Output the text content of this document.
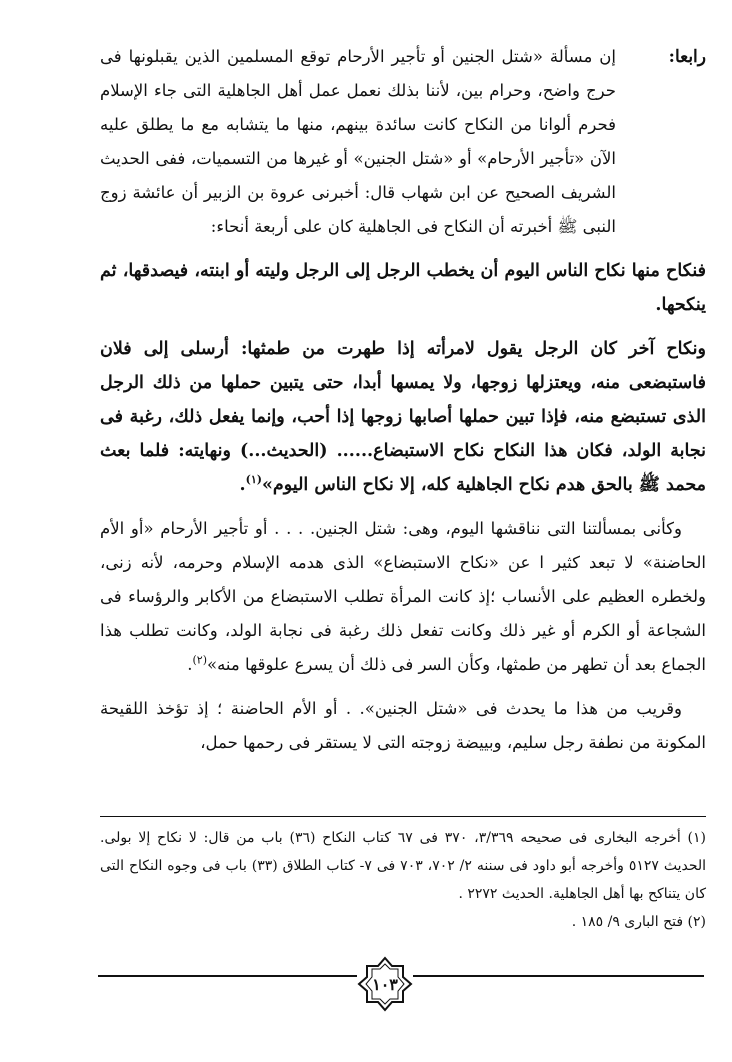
رابعا:
إن مسألة «شتل الجنين أو تأجير الأرحام توقع المسلمين الذين يقبلونها فى حرج واضح، وحرام بين، لأننا بذلك نعمل عمل أهل الجاهلية التى جاء الإسلام فحرم ألوانا من النكاح كانت سائدة بينهم، منها ما يتشابه مع ما يطلق عليه الآن «تأجير الأرحام» أو «شتل الجنين» أو غيرها من التسميات، ففى الحديث الشريف الصحيح عن ابن شهاب قال: أخبرنى عروة بن الزبير أن عائشة زوج النبى ﷺ أخبرته أن النكاح فى الجاهلية كان على أربعة أنحاء:

فنكاح منها نكاح الناس اليوم أن يخطب الرجل إلى الرجل وليته أو ابنته، فيصدقها، ثم ينكحها.

ونكاح آخر كان الرجل يقول لامرأته إذا طهرت من طمثها: أرسلى إلى فلان فاستبضعى منه، ويعتزلها زوجها، ولا يمسها أبدا، حتى يتبين حملها من ذلك الرجل الذى تستبضع منه، فإذا تبين حملها أصابها زوجها إذا أحب، وإنما يفعل ذلك، رغبة فى نجابة الولد، فكان هذا النكاح نكاح الاستبضاع...... (الحديث...) ونهايته: فلما بعث محمد ﷺ بالحق هدم نكاح الجاهلية كله، إلا نكاح الناس اليوم»$^{(١)}$.

وكأنى بمسألتنا التى نناقشها اليوم، وهى: شتل الجنين. . . . أو تأجير الأرحام «أو الأم الحاضنة» لا تبعد كثير ا عن «نكاح الاستبضاع» الذى هدمه الإسلام وحرمه، لأنه زنى، ولخطره العظيم على الأنساب ؛إذ كانت المرأة تطلب الاستبضاع من الأكابر والرؤساء فى الشجاعة أو الكرم أو غير ذلك وكانت تفعل ذلك رغبة فى نجابة الولد، وكانت تطلب هذا الجماع بعد أن تطهر من طمثها، وكأن السر فى ذلك أن يسرع علوقها منه»$^{(٢)}$.

وقريب من هذا ما يحدث فى «شتل الجنين». . أو الأم الحاضنة ؛ إذ تؤخذ اللقيحة المكونة من نطفة رجل سليم، وبييضة زوجته التى لا يستقر فى رحمها حمل،

(١) أخرجه البخارى فى صحيحه ٣/٣٦٩، ٣٧٠ فى ٦٧ كتاب النكاح (٣٦) باب من قال: لا نكاح إلا بولى. الحديث ٥١٢٧ وأخرجه أبو داود فى سننه ٢/ ٧٠٢، ٧٠٣ فى ٧- كتاب الطلاق (٣٣) باب فى وجوه النكاح التى كان يتناكح بها أهل الجاهلية. الحديث ٢٢٧٢ .

(٢) فتح البارى ٩/ ١٨٥ .

١٠٣
